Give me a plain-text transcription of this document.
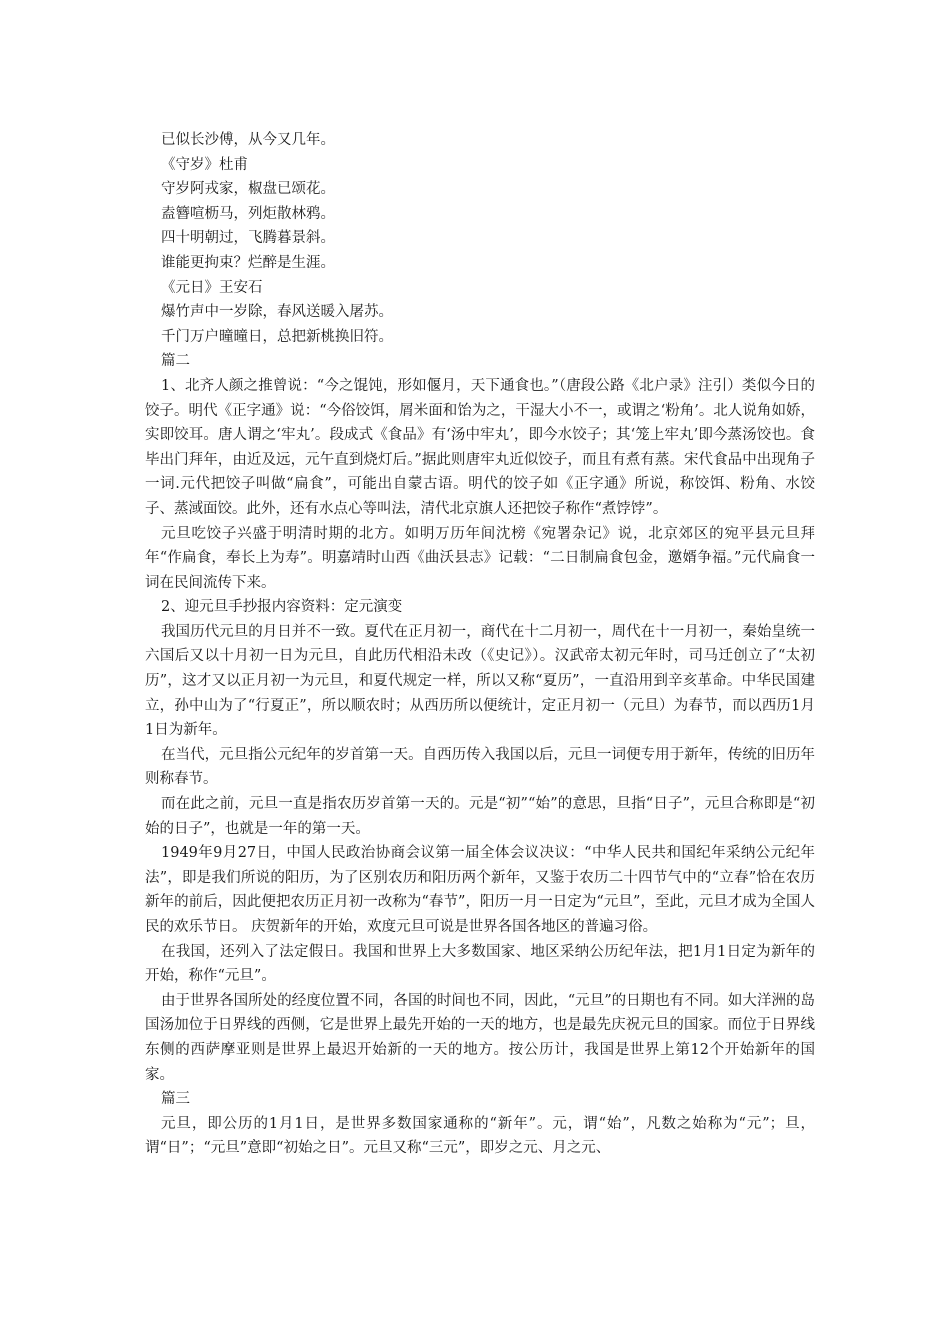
已似长沙傅，从今又几年。

《守岁》杜甫

守岁阿戎家，椒盘已颂花。

盍簪喧枥马，列炬散林鸦。

四十明朝过，飞腾暮景斜。

谁能更拘束？烂醉是生涯。

《元日》王安石

爆竹声中一岁除，春风送暖入屠苏。

千门万户曈曈日，总把新桃换旧符。

篇二

1、北齐人颜之推曾说：“今之馄饨，形如偃月，天下通食也。”（唐段公路《北户录》注引）类似今日的饺子。明代《正字通》说：“今俗饺饵，屑米面和饴为之，干湿大小不一，或谓之‘粉角’。北人说角如娇，实即饺耳。唐人谓之‘牢丸’。段成式《食品》有‘汤中牢丸’，即今水饺子；其‘笼上牢丸’即今蒸汤饺也。食毕出门拜年，由近及远，元午直到烧灯后。”据此则唐牢丸近似饺子，而且有煮有蒸。宋代食品中出现角子一词.元代把饺子叫做“扁食”，可能出自蒙古语。明代的饺子如《正字通》所说，称饺饵、粉角、水饺子、蒸淢面饺。此外，还有水点心等叫法，清代北京旗人还把饺子称作“煮饽饽”。

元旦吃饺子兴盛于明清时期的北方。如明万历年间沈榜《宛署杂记》说，北京郊区的宛平县元旦拜年“作扁食，奉长上为寿”。明嘉靖时山西《曲沃县志》记载：“二日制扁食包金，邀婿争福。”元代扁食一词在民间流传下来。

2、迎元旦手抄报内容资料：定元演变

我国历代元旦的月日并不一致。夏代在正月初一，商代在十二月初一，周代在十一月初一，秦始皇统一六国后又以十月初一日为元旦，自此历代相沿未改（《史记》）。汉武帝太初元年时，司马迁创立了“太初历”，这才又以正月初一为元旦，和夏代规定一样，所以又称“夏历”，一直沿用到辛亥革命。中华民国建立，孙中山为了“行夏正”，所以顺农时；从西历所以便统计，定正月初一（元旦）为春节，而以西历1月1日为新年。

在当代，元旦指公元纪年的岁首第一天。自西历传入我国以后，元旦一词便专用于新年，传统的旧历年则称春节。

而在此之前，元旦一直是指农历岁首第一天的。元是“初”“始”的意思，旦指“日子”，元旦合称即是“初始的日子”，也就是一年的第一天。

1949年9月27日，中国人民政治协商会议第一届全体会议决议：“中华人民共和国纪年采纳公元纪年法”，即是我们所说的阳历，为了区别农历和阳历两个新年，又鉴于农历二十四节气中的“立春”恰在农历新年的前后，因此便把农历正月初一改称为“春节”，阳历一月一日定为“元旦”，至此，元旦才成为全国人民的欢乐节日。 庆贺新年的开始，欢度元旦可说是世界各国各地区的普遍习俗。

在我国，还列入了法定假日。我国和世界上大多数国家、地区采纳公历纪年法，把1月1日定为新年的开始，称作“元旦”。

由于世界各国所处的经度位置不同，各国的时间也不同，因此，“元旦”的日期也有不同。如大洋洲的岛国汤加位于日界线的西侧，它是世界上最先开始的一天的地方，也是最先庆祝元旦的国家。而位于日界线东侧的西萨摩亚则是世界上最迟开始新的一天的地方。按公历计，我国是世界上第12个开始新年的国家。

篇三

元旦，即公历的1月1日，是世界多数国家通称的“新年”。元，谓“始”，凡数之始称为“元”；旦，谓“日”；“元旦”意即“初始之日”。元旦又称“三元”，即岁之元、月之元、
